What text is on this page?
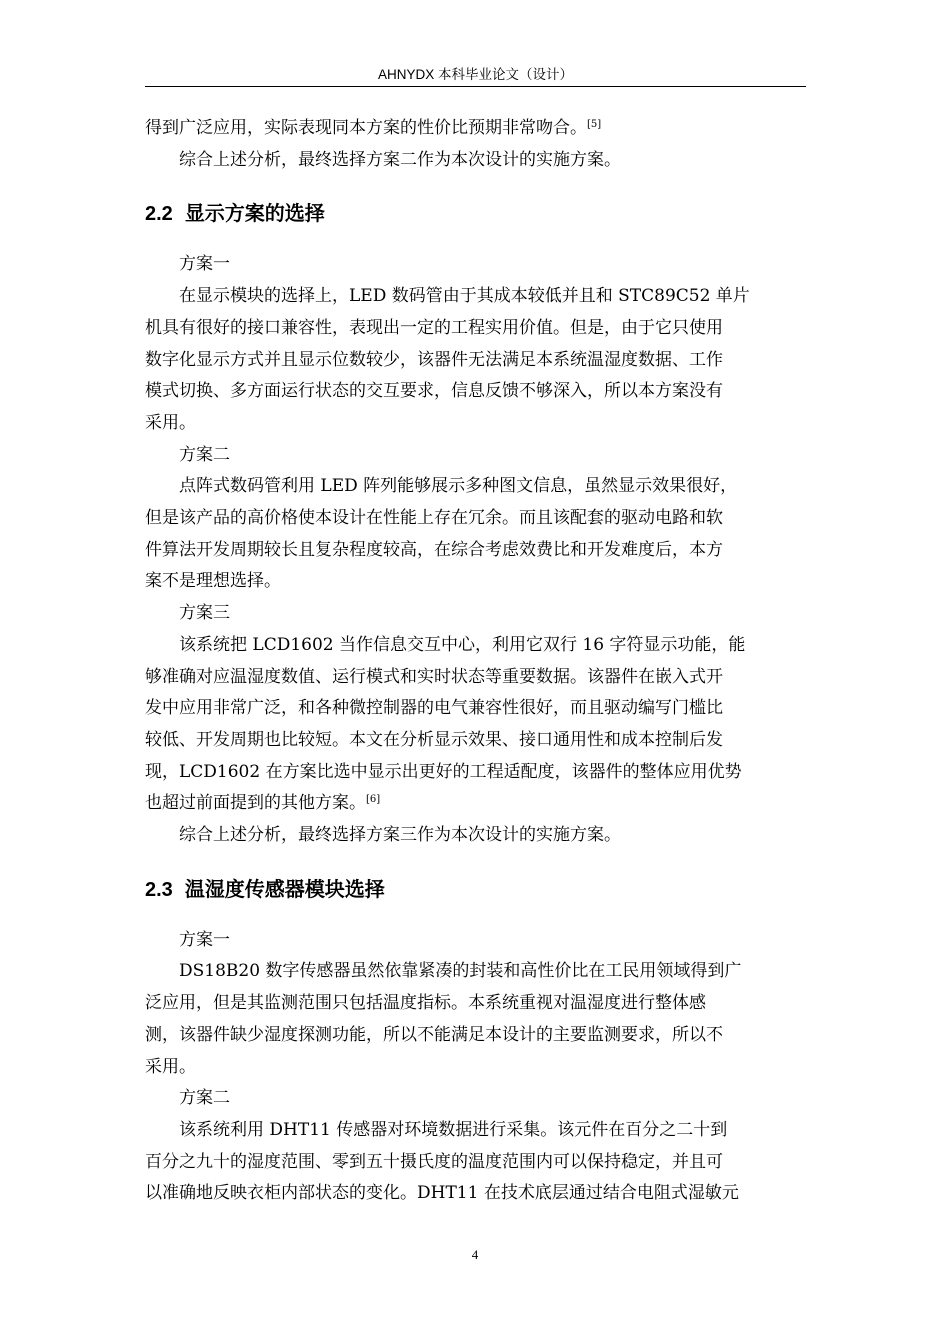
AHNYDX 本科毕业论文（设计）

得到广泛应用，实际表现同本方案的性价比预期非常吻合。[5]

综合上述分析，最终选择方案二作为本次设计的实施方案。

2.2 显示方案的选择

方案一

在显示模块的选择上，LED 数码管由于其成本较低并且和 STC89C52 单片
机具有很好的接口兼容性，表现出一定的工程实用价值。但是，由于它只使用
数字化显示方式并且显示位数较少，该器件无法满足本系统温湿度数据、工作
模式切换、多方面运行状态的交互要求，信息反馈不够深入，所以本方案没有
采用。

方案二

点阵式数码管利用 LED 阵列能够展示多种图文信息，虽然显示效果很好，
但是该产品的高价格使本设计在性能上存在冗余。而且该配套的驱动电路和软
件算法开发周期较长且复杂程度较高，在综合考虑效费比和开发难度后，本方
案不是理想选择。

方案三

该系统把 LCD1602 当作信息交互中心，利用它双行 16 字符显示功能，能
够准确对应温湿度数值、运行模式和实时状态等重要数据。该器件在嵌入式开
发中应用非常广泛，和各种微控制器的电气兼容性很好，而且驱动编写门槛比
较低、开发周期也比较短。本文在分析显示效果、接口通用性和成本控制后发
现，LCD1602 在方案比选中显示出更好的工程适配度，该器件的整体应用优势
也超过前面提到的其他方案。[6]

综合上述分析，最终选择方案三作为本次设计的实施方案。

2.3 温湿度传感器模块选择

方案一

DS18B20 数字传感器虽然依靠紧凑的封装和高性价比在工民用领域得到广
泛应用，但是其监测范围只包括温度指标。本系统重视对温湿度进行整体感
测，该器件缺少湿度探测功能，所以不能满足本设计的主要监测要求，所以不
采用。

方案二

该系统利用 DHT11 传感器对环境数据进行采集。该元件在百分之二十到
百分之九十的湿度范围、零到五十摄氏度的温度范围内可以保持稳定，并且可
以准确地反映衣柜内部状态的变化。DHT11 在技术底层通过结合电阻式湿敏元

4
